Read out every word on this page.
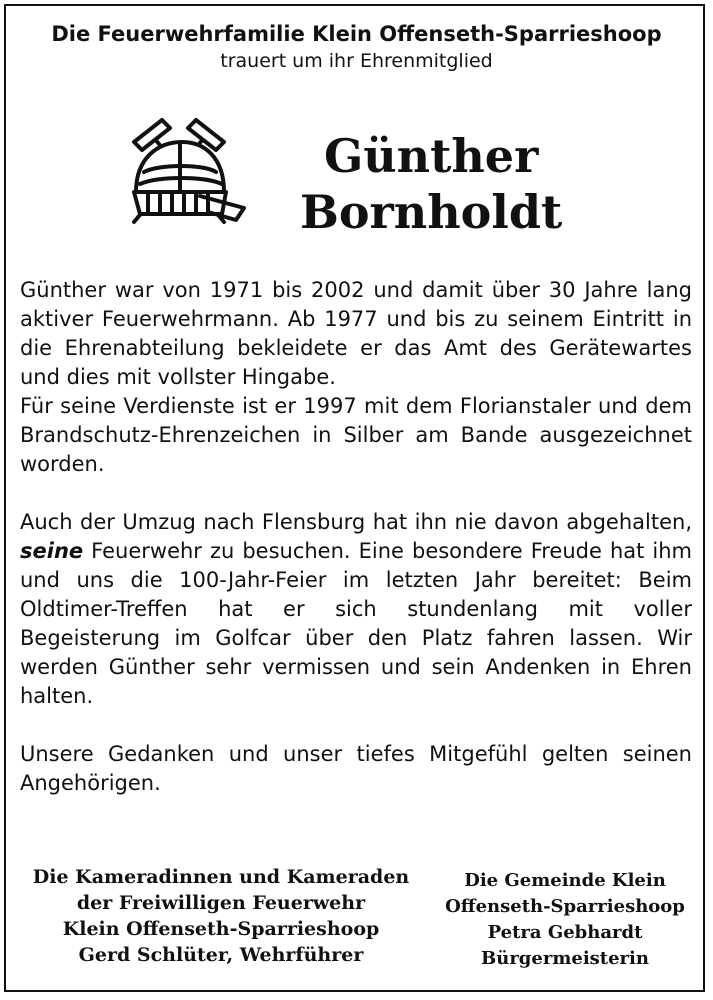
Die Feuerwehrfamilie Klein Offenseth-Sparrieshoop
trauert um ihr Ehrenmitglied
Günther
Bornholdt

Günther war von 1971 bis 2002 und damit über 30 Jahre lang aktiver Feuerwehrmann. Ab 1977 und bis zu seinem Eintritt in die Ehrenabteilung bekleidete er das Amt des Gerätewartes und dies mit vollster Hingabe.

Für seine Verdienste ist er 1997 mit dem Florianstaler und dem Brandschutz-Ehrenzeichen in Silber am Bande ausgezeichnet worden.

Auch der Umzug nach Flensburg hat ihn nie davon abgehalten, seine Feuerwehr zu besuchen. Eine besondere Freude hat ihm und uns die 100-Jahr-Feier im letzten Jahr bereitet: Beim Oldtimer-Treffen hat er sich stundenlang mit voller Begeisterung im Golfcar über den Platz fahren lassen. Wir werden Günther sehr vermissen und sein Andenken in Ehren halten.

Unsere Gedanken und unser tiefes Mitgefühl gelten seinen Angehörigen.

Die Kameradinnen und Kameraden
der Freiwilligen Feuerwehr
Klein Offenseth-Sparrieshoop
Gerd Schlüter, Wehrführer
Die Gemeinde Klein
Offenseth-Sparrieshoop
Petra Gebhardt
Bürgermeisterin
